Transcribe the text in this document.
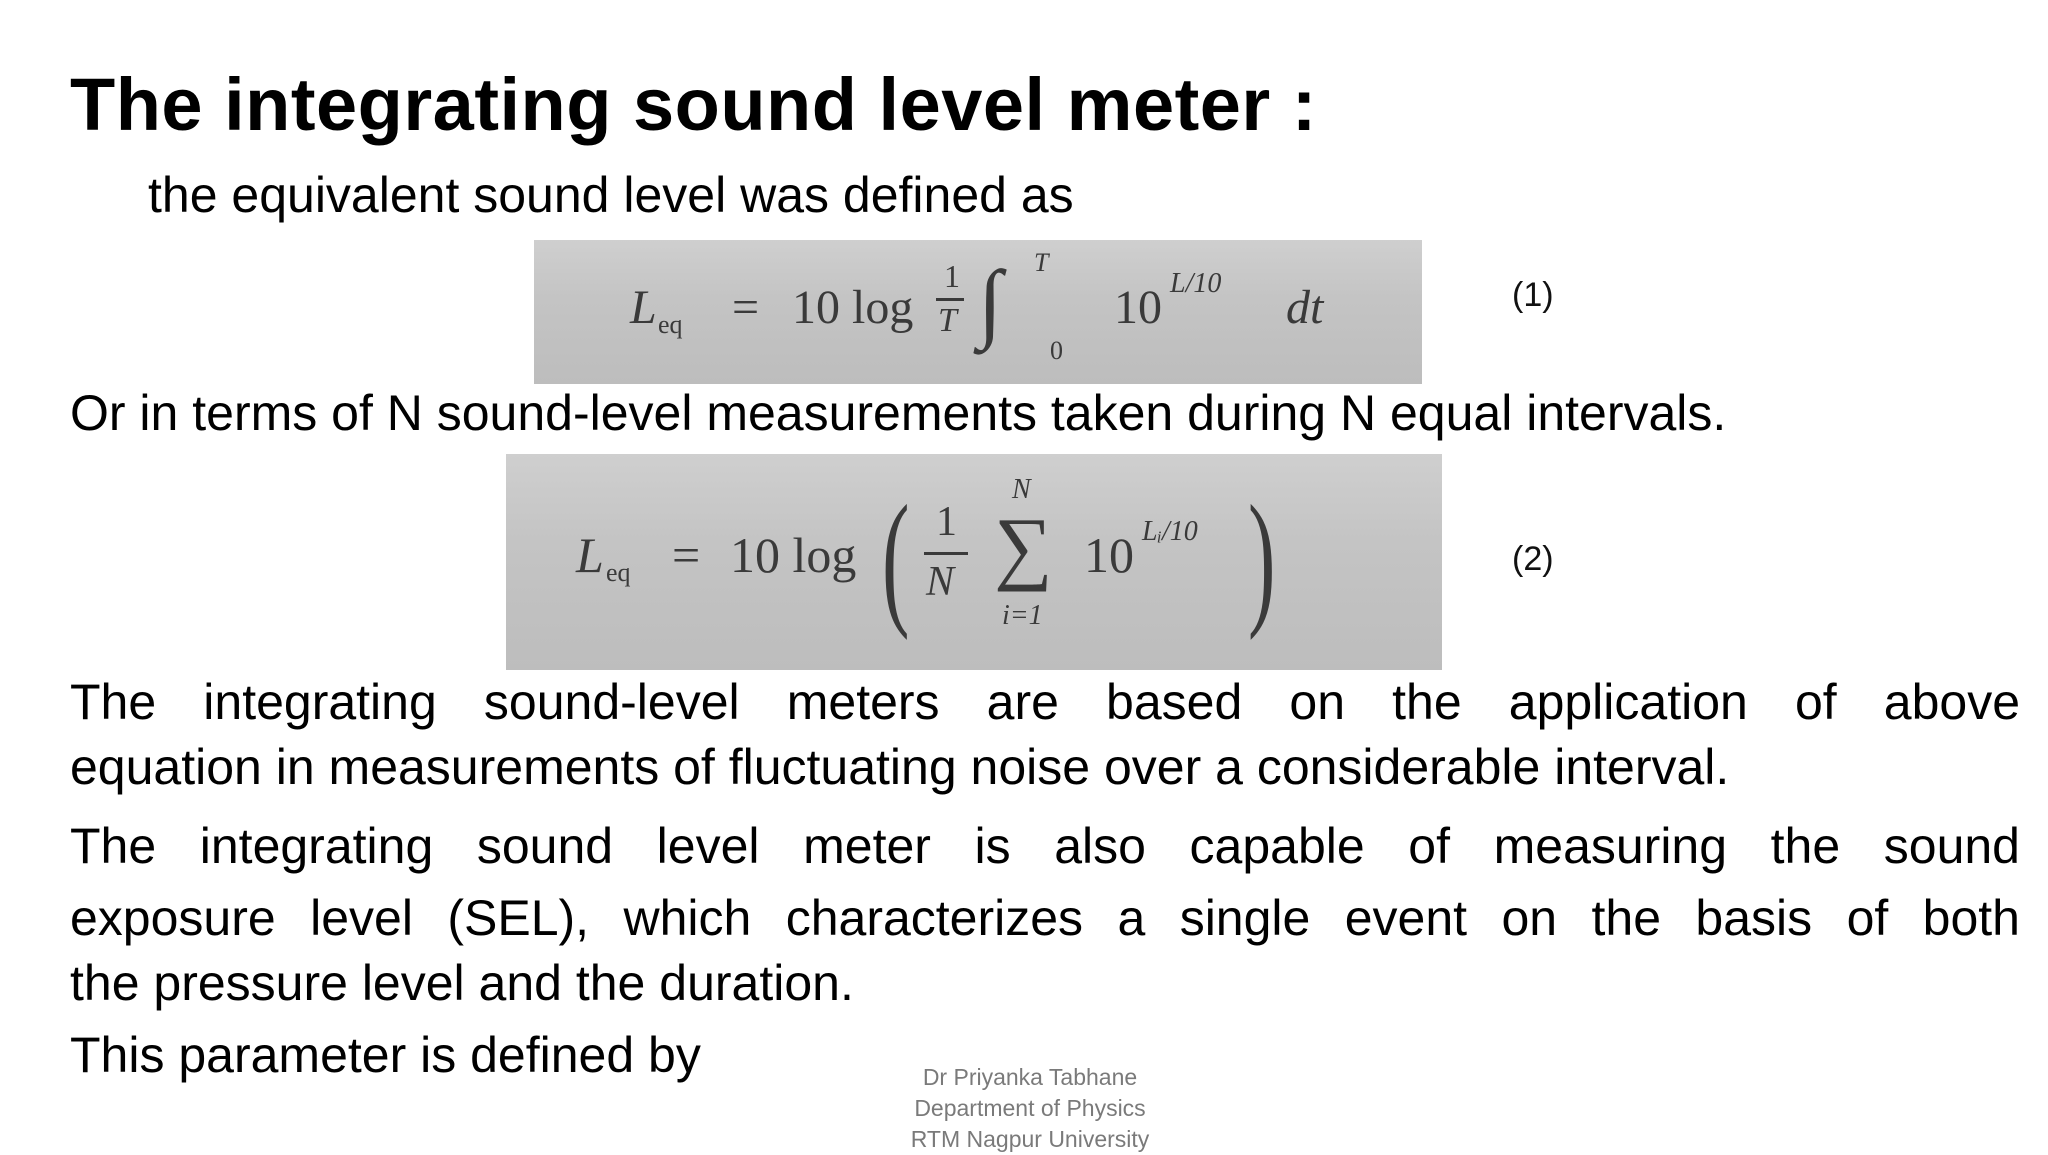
The integrating sound level meter :
the equivalent sound level was defined as
L eq = 10 log
1
T ∫ T
0
10 L/10 dt	(1)
Or in terms of N sound-level measurements taken during N equal intervals.
L eq = 10 log ( 1
N
N
∑
i=1
10 Lᵢ/10 )	(2)
The integrating sound-level meters are based on the application of above
equation in measurements of fluctuating noise over a considerable interval.
The integrating sound level meter is also capable of measuring the sound
exposure level (SEL), which characterizes a single event on the basis of both
the pressure level and the duration.
This parameter is defined by	Dr Priyanka Tabhane
Department of Physics
RTM Nagpur University
